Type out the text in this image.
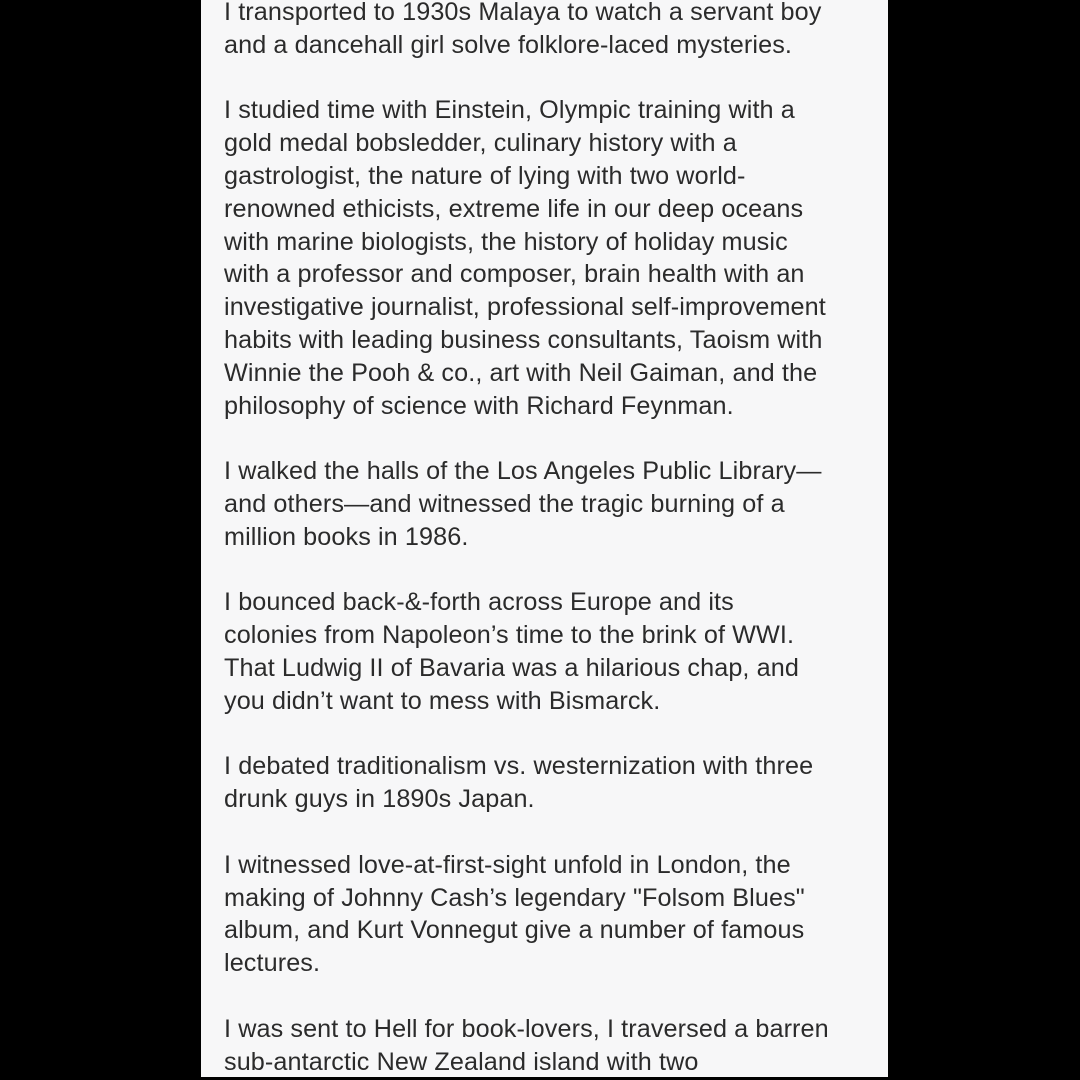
I transported to 1930s Malaya to watch a servant boy
and a dancehall girl solve folklore-laced mysteries.

I studied time with Einstein, Olympic training with a
gold medal bobsledder, culinary history with a
gastrologist, the nature of lying with two world-
renowned ethicists, extreme life in our deep oceans
with marine biologists, the history of holiday music
with a professor and composer, brain health with an
investigative journalist, professional self-improvement
habits with leading business consultants, Taoism with
Winnie the Pooh & co., art with Neil Gaiman, and the
philosophy of science with Richard Feynman.

I walked the halls of the Los Angeles Public Library—
and others—and witnessed the tragic burning of a
million books in 1986.

I bounced back-&-forth across Europe and its
colonies from Napoleon’s time to the brink of WWI.
That Ludwig II of Bavaria was a hilarious chap, and
you didn’t want to mess with Bismarck.

I debated traditionalism vs. westernization with three
drunk guys in 1890s Japan.

I witnessed love-at-first-sight unfold in London, the
making of Johnny Cash’s legendary "Folsom Blues"
album, and Kurt Vonnegut give a number of famous
lectures.

I was sent to Hell for book-lovers, I traversed a barren
sub-antarctic New Zealand island with two
